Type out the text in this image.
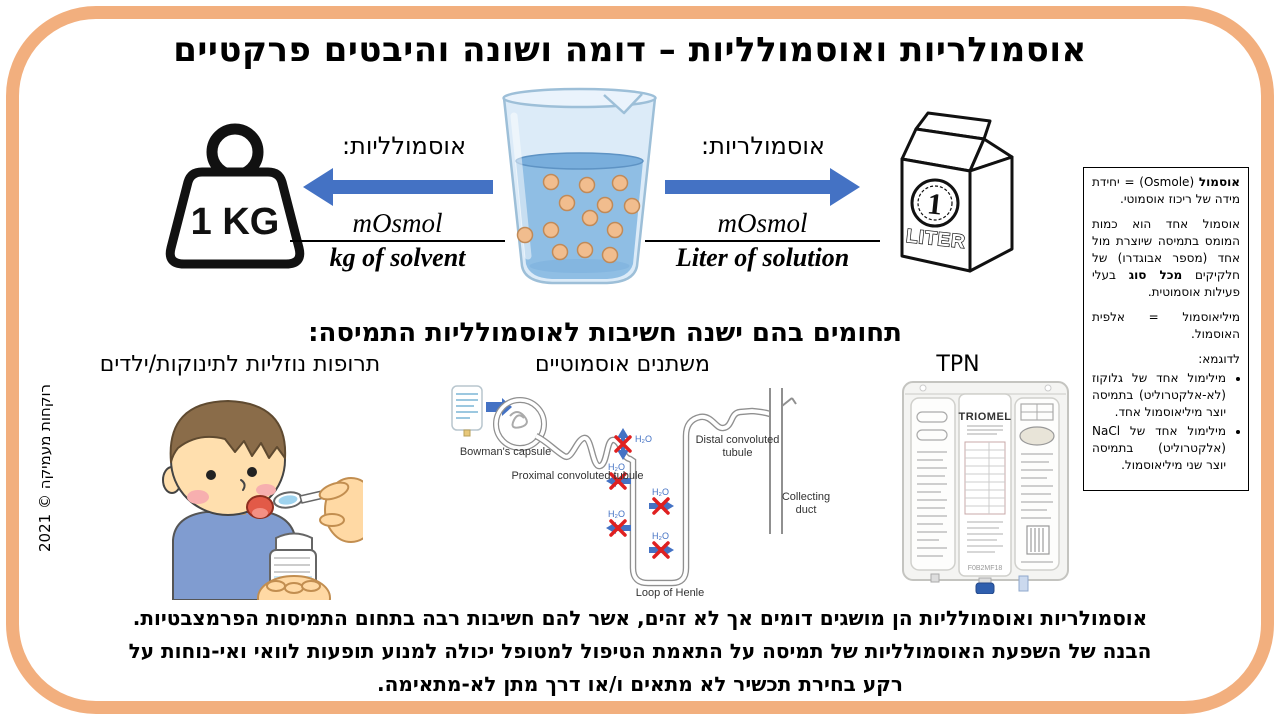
אוסמולריות ואוסמולליות – דומה ושונה והיבטים פרקטיים
1 KG
אוסמולליות:
mOsmol
kg of solvent
אוסמולריות:
mOsmol
Liter of solution
1
LITER

אוסמול (Osmole) = יחידת מידה של ריכוז אוסמוטי.

אוסמול אחד הוא כמות המומס בתמיסה שיוצרת מול אחד (מספר אבוגדרו) של חלקיקים מכל סוג בעלי פעילות אוסמוטית.

מיליאוסמול = אלפית האוסמול.

לדוגמא:

• מילימול אחד של גלוקוז (לא-אלקטרוליט) בתמיסה יוצר מיליאוסמול אחד.
• מילימול אחד של NaCl (אלקטרוליט) בתמיסה יוצר שני מיליאוסמול.
תחומים בהם ישנה חשיבות לאוסמולליות התמיסה:
TPN
משתנים אוסמוטיים
תרופות נוזליות לתינוקות/ילדים
H₂O
H₂O
H₂O
H₂O
H₂O
Bowman's capsule
Proximal convoluted tubule
Distal convoluted tubule
Collecting duct
Loop of Henle
TRIOMEL
F0B2MF18
אוסמולריות ואוסמולליות הן מושגים דומים אך לא זהים, אשר להם חשיבות רבה בתחום התמיסות הפרמצבטיות.
הבנה של השפעת האוסמולליות של תמיסה על התאמת הטיפול למטופל יכולה למנוע תופעות לוואי ואי-נוחות על
רקע בחירת תכשיר לא מתאים ו/או דרך מתן לא-מתאימה.
רוקחות מעמיקה © 2021
